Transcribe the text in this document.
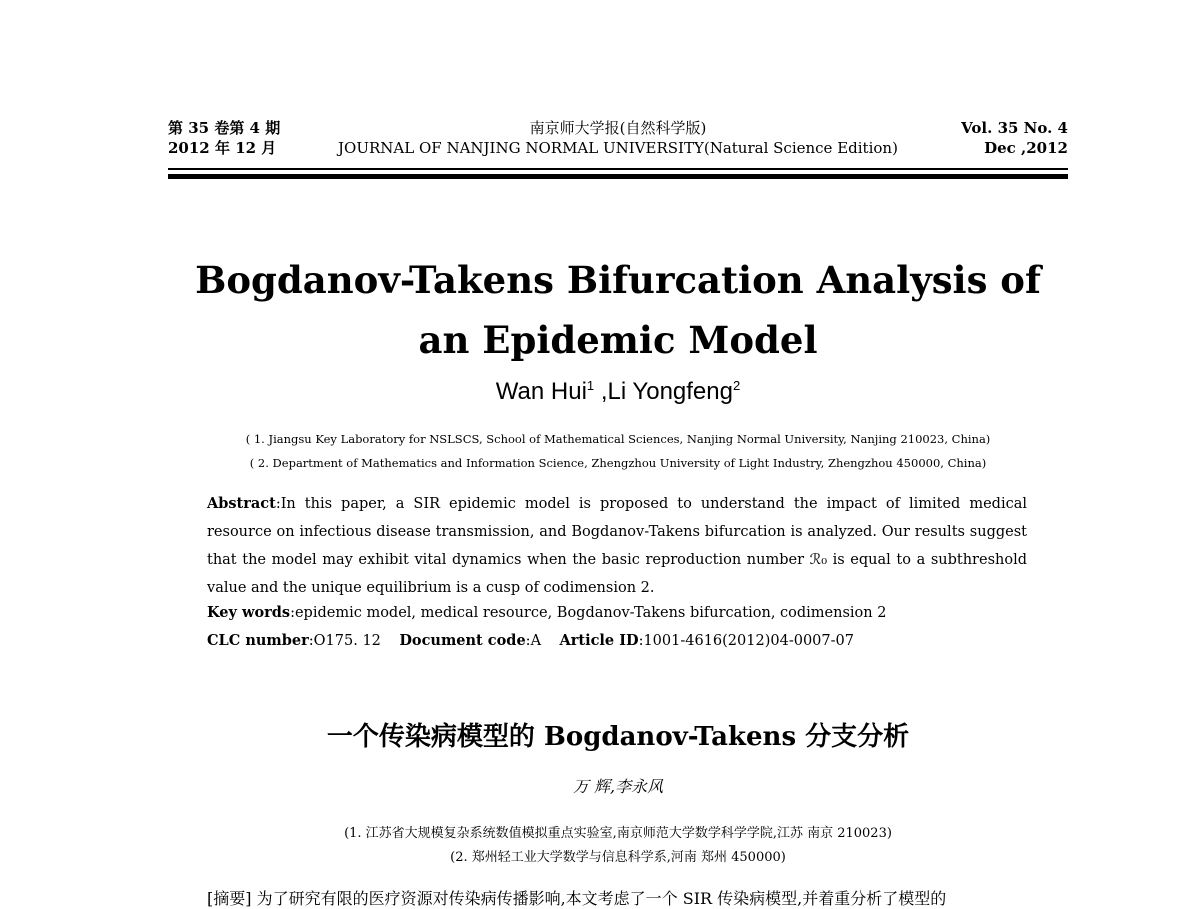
第 35 卷第 4 期
2012 年 12 月
南京师大学报(自然科学版)
JOURNAL OF NANJING NORMAL UNIVERSITY(Natural Science Edition)
Vol. 35 No. 4
Dec ,2012
Bogdanov-Takens Bifurcation Analysis of
an Epidemic Model
Wan Hui$^1$ ,Li Yongfeng$^2$
( 1. Jiangsu Key Laboratory for NSLSCS, School of Mathematical Sciences, Nanjing Normal University, Nanjing 210023, China)
( 2. Department of Mathematics and Information Science, Zhengzhou University of Light Industry, Zhengzhou 450000, China)
Abstract:In this paper, a SIR epidemic model is proposed to understand the impact of limited medical resource on infectious disease transmission, and Bogdanov-Takens bifurcation is analyzed. Our results suggest that the model may exhibit vital dynamics when the basic reproduction number ℛ₀ is equal to a subthreshold value and the unique equilibrium is a cusp of codimension 2.
Key words:epidemic model, medical resource, Bogdanov-Takens bifurcation, codimension 2
CLC number:O175. 12 Document code:A Article ID:1001-4616(2012)04-0007-07
一个传染病模型的 Bogdanov-Takens 分支分析
万 辉,李永风
(1. 江苏省大规模复杂系统数值模拟重点实验室,南京师范大学数学科学学院,江苏 南京 210023)
(2. 郑州轻工业大学数学与信息科学系,河南 郑州 450000)
[摘要] 为了研究有限的医疗资源对传染病传播影响,本文考虑了一个 SIR 传染病模型,并着重分析了模型的
